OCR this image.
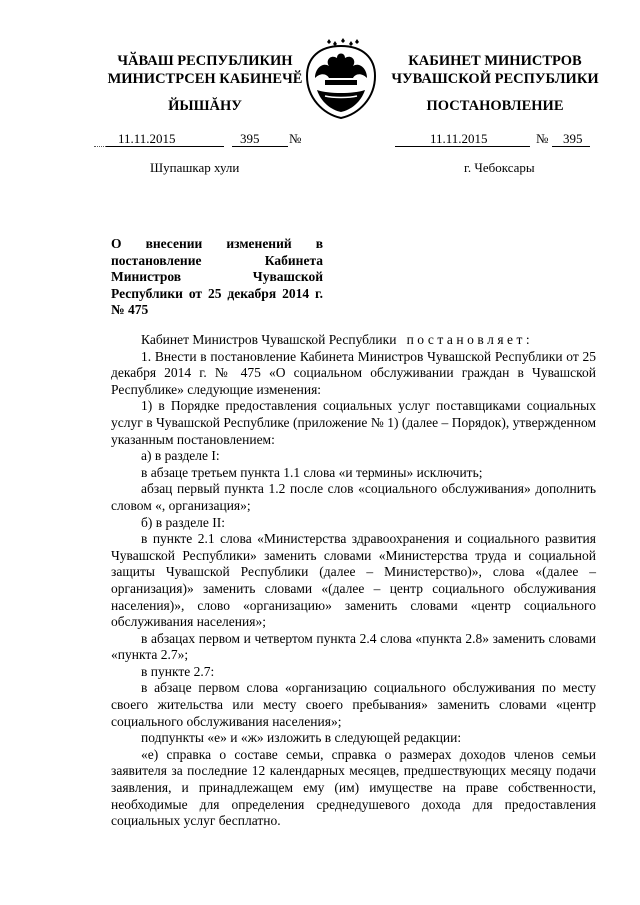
ЧӐВАШ РЕСПУБЛИКИН
МИНИСТРСЕН КАБИНЕЧӖ
ЙЫШĂНУ
КАБИНЕТ МИНИСТРОВ
ЧУВАШСКОЙ РЕСПУБЛИКИ
ПОСТАНОВЛЕНИЕ
11.11.2015	395 №
Шупашкар хули
11.11.2015	№ 395
г. Чебоксары
О внесении изменений в постановление Кабинета Министров Чувашской Республики от 25 декабря 2014 г. № 475

Кабинет Министров Чувашской Республики постановляет:

1. Внести в постановление Кабинета Министров Чувашской Республики от 25 декабря 2014 г. № 475 «О социальном обслуживании граждан в Чувашской Республике» следующие изменения:

1) в Порядке предоставления социальных услуг поставщиками социальных услуг в Чувашской Республике (приложение № 1) (далее – Порядок), утвержденном указанным постановлением:

а) в разделе I:

в абзаце третьем пункта 1.1 слова «и термины» исключить;

абзац первый пункта 1.2 после слов «социального обслуживания» дополнить словом «, организация»;

б) в разделе II:

в пункте 2.1 слова «Министерства здравоохранения и социального развития Чувашской Республики» заменить словами «Министерства труда и социальной защиты Чувашской Республики (далее – Министерство)», слова «(далее – организация)» заменить словами «(далее – центр социального обслуживания населения)», слово «организацию» заменить словами «центр социального обслуживания населения»;

в абзацах первом и четвертом пункта 2.4 слова «пункта 2.8» заменить словами «пункта 2.7»;

в пункте 2.7:

в абзаце первом слова «организацию социального обслуживания по месту своего жительства или месту своего пребывания» заменить словами «центр социального обслуживания населения»;

подпункты «е» и «ж» изложить в следующей редакции:

«е) справка о составе семьи, справка о размерах доходов членов семьи заявителя за последние 12 календарных месяцев, предшествующих месяцу подачи заявления, и принадлежащем ему (им) имуществе на праве собственности, необходимые для определения среднедушевого дохода для предоставления социальных услуг бесплатно.
